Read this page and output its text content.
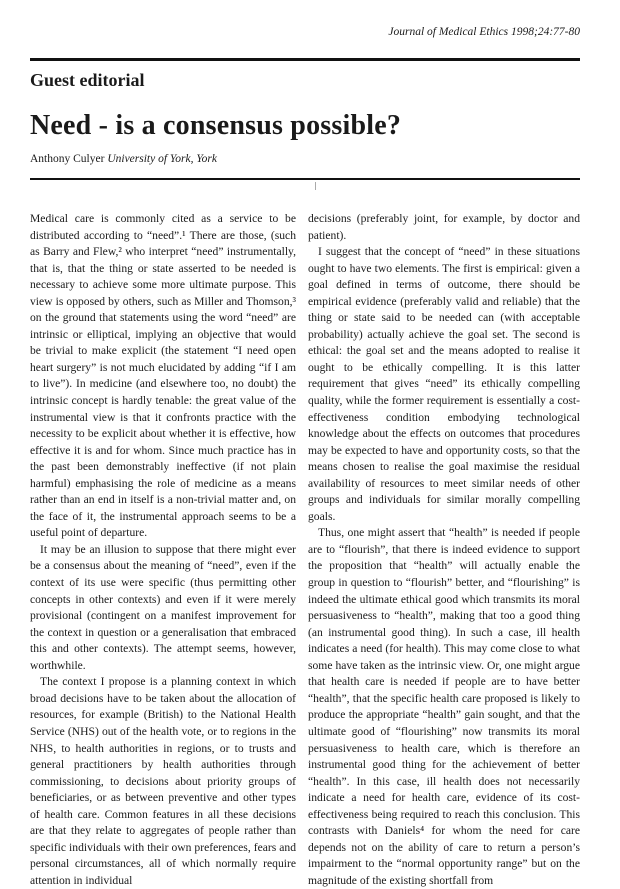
Journal of Medical Ethics 1998;24:77-80
Guest editorial
Need - is a consensus possible?
Anthony Culyer University of York, York

Medical care is commonly cited as a service to be distributed according to “need”.¹ There are those, (such as Barry and Flew,² who interpret “need” instrumentally, that is, that the thing or state asserted to be needed is necessary to achieve some more ultimate purpose. This view is opposed by others, such as Miller and Thomson,³ on the ground that statements using the word “need” are intrinsic or elliptical, implying an objective that would be trivial to make explicit (the statement “I need open heart surgery” is not much elucidated by adding “if I am to live”). In medicine (and elsewhere too, no doubt) the intrinsic concept is hardly tenable: the great value of the instrumental view is that it confronts practice with the necessity to be explicit about whether it is effective, how effective it is and for whom. Since much practice has in the past been demonstrably ineffective (if not plain harmful) emphasising the role of medicine as a means rather than an end in itself is a non-trivial matter and, on the face of it, the instrumental approach seems to be a useful point of departure.

It may be an illusion to suppose that there might ever be a consensus about the meaning of “need”, even if the context of its use were specific (thus permitting other concepts in other contexts) and even if it were merely provisional (contingent on a manifest improvement for the context in question or a generalisation that embraced this and other contexts). The attempt seems, however, worthwhile.

The context I propose is a planning context in which broad decisions have to be taken about the allocation of resources, for example (British) to the National Health Service (NHS) out of the health vote, or to regions in the NHS, to health authorities in regions, or to trusts and general practitioners by health authorities through commissioning, to decisions about priority groups of beneficiaries, or as between preventive and other types of health care. Common features in all these decisions are that they relate to aggregates of people rather than specific individuals with their own preferences, fears and personal circumstances, all of which normally require attention in individual

decisions (preferably joint, for example, by doctor and patient).

I suggest that the concept of “need” in these situations ought to have two elements. The first is empirical: given a goal defined in terms of outcome, there should be empirical evidence (preferably valid and reliable) that the thing or state said to be needed can (with acceptable probability) actually achieve the goal set. The second is ethical: the goal set and the means adopted to realise it ought to be ethically compelling. It is this latter requirement that gives “need” its ethically compelling quality, while the former requirement is essentially a cost-effectiveness condition embodying technological knowledge about the effects on outcomes that procedures may be expected to have and opportunity costs, so that the means chosen to realise the goal maximise the residual availability of resources to meet similar needs of other groups and individuals for similar morally compelling goals.

Thus, one might assert that “health” is needed if people are to “flourish”, that there is indeed evidence to support the proposition that “health” will actually enable the group in question to “flourish” better, and “flourishing” is indeed the ultimate ethical good which transmits its moral persuasiveness to “health”, making that too a good thing (an instrumental good thing). In such a case, ill health indicates a need (for health). This may come close to what some have taken as the intrinsic view. Or, one might argue that health care is needed if people are to have better “health”, that the specific health care proposed is likely to produce the appropriate “health” gain sought, and that the ultimate good of “flourishing” now transmits its moral persuasiveness to health care, which is therefore an instrumental good thing for the achievement of better “health”. In this case, ill health does not necessarily indicate a need for health care, evidence of its cost-effectiveness being required to reach this conclusion. This contrasts with Daniels⁴ for whom the need for care depends not on the ability of care to return a person’s impairment to the “normal opportunity range” but on the magnitude of the existing shortfall from
